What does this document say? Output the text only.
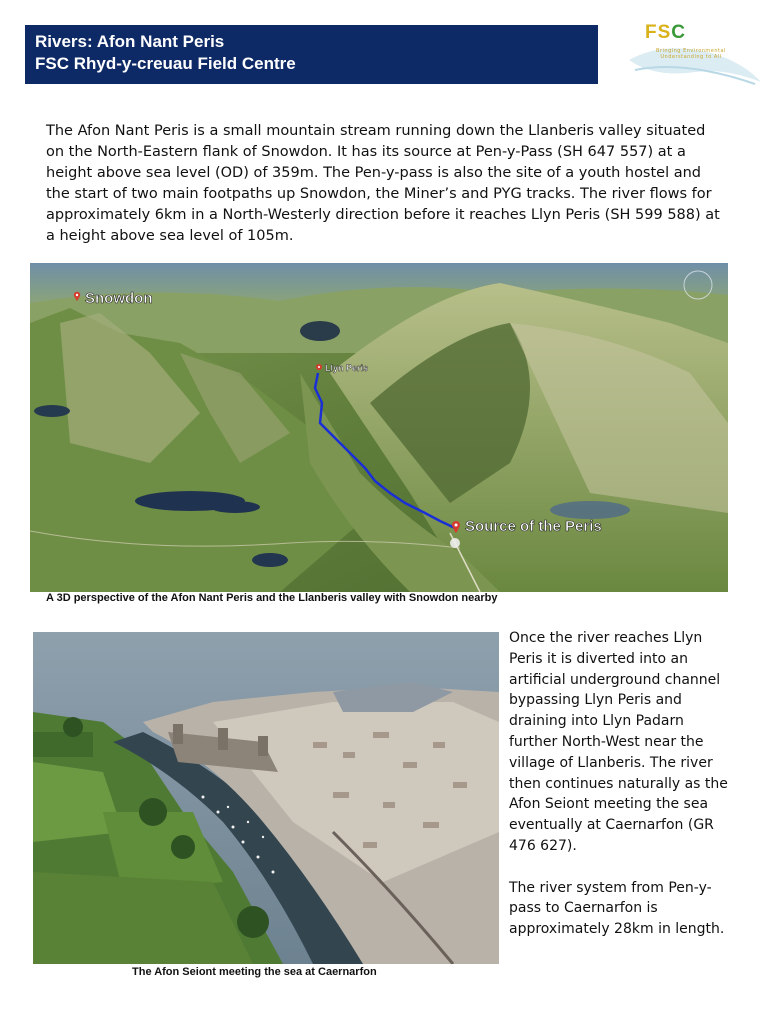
Rivers: Afon Nant Peris
FSC Rhyd-y-creuau Field Centre
FSC
Bringing Environmental Understanding to All
The Afon Nant Peris is a small mountain stream running down the Llanberis valley situated on the North-Eastern flank of Snowdon. It has its source at Pen-y-Pass (SH 647 557) at a height above sea level (OD) of 359m. The Pen-y-pass is also the site of a youth hostel and the start of two main footpaths up Snowdon, the Miner’s and PYG tracks. The river flows for approximately 6km in a North-Westerly direction before it reaches Llyn Peris (SH 599 588) at a height above sea level of 105m.
Snowdon
Llyn Peris
Source of the Peris
A 3D perspective of the Afon Nant Peris and the Llanberis valley with Snowdon nearby
The Afon Seiont meeting the sea at Caernarfon

Once the river reaches Llyn Peris it is diverted into an artificial underground channel bypassing Llyn Peris and draining into Llyn Padarn further North-West near the village of Llanberis. The river then continues naturally as the Afon Seiont meeting the sea eventually at Caernarfon (GR 476 627).

The river system from Pen-y-pass to Caernarfon is approximately 28km in length.
